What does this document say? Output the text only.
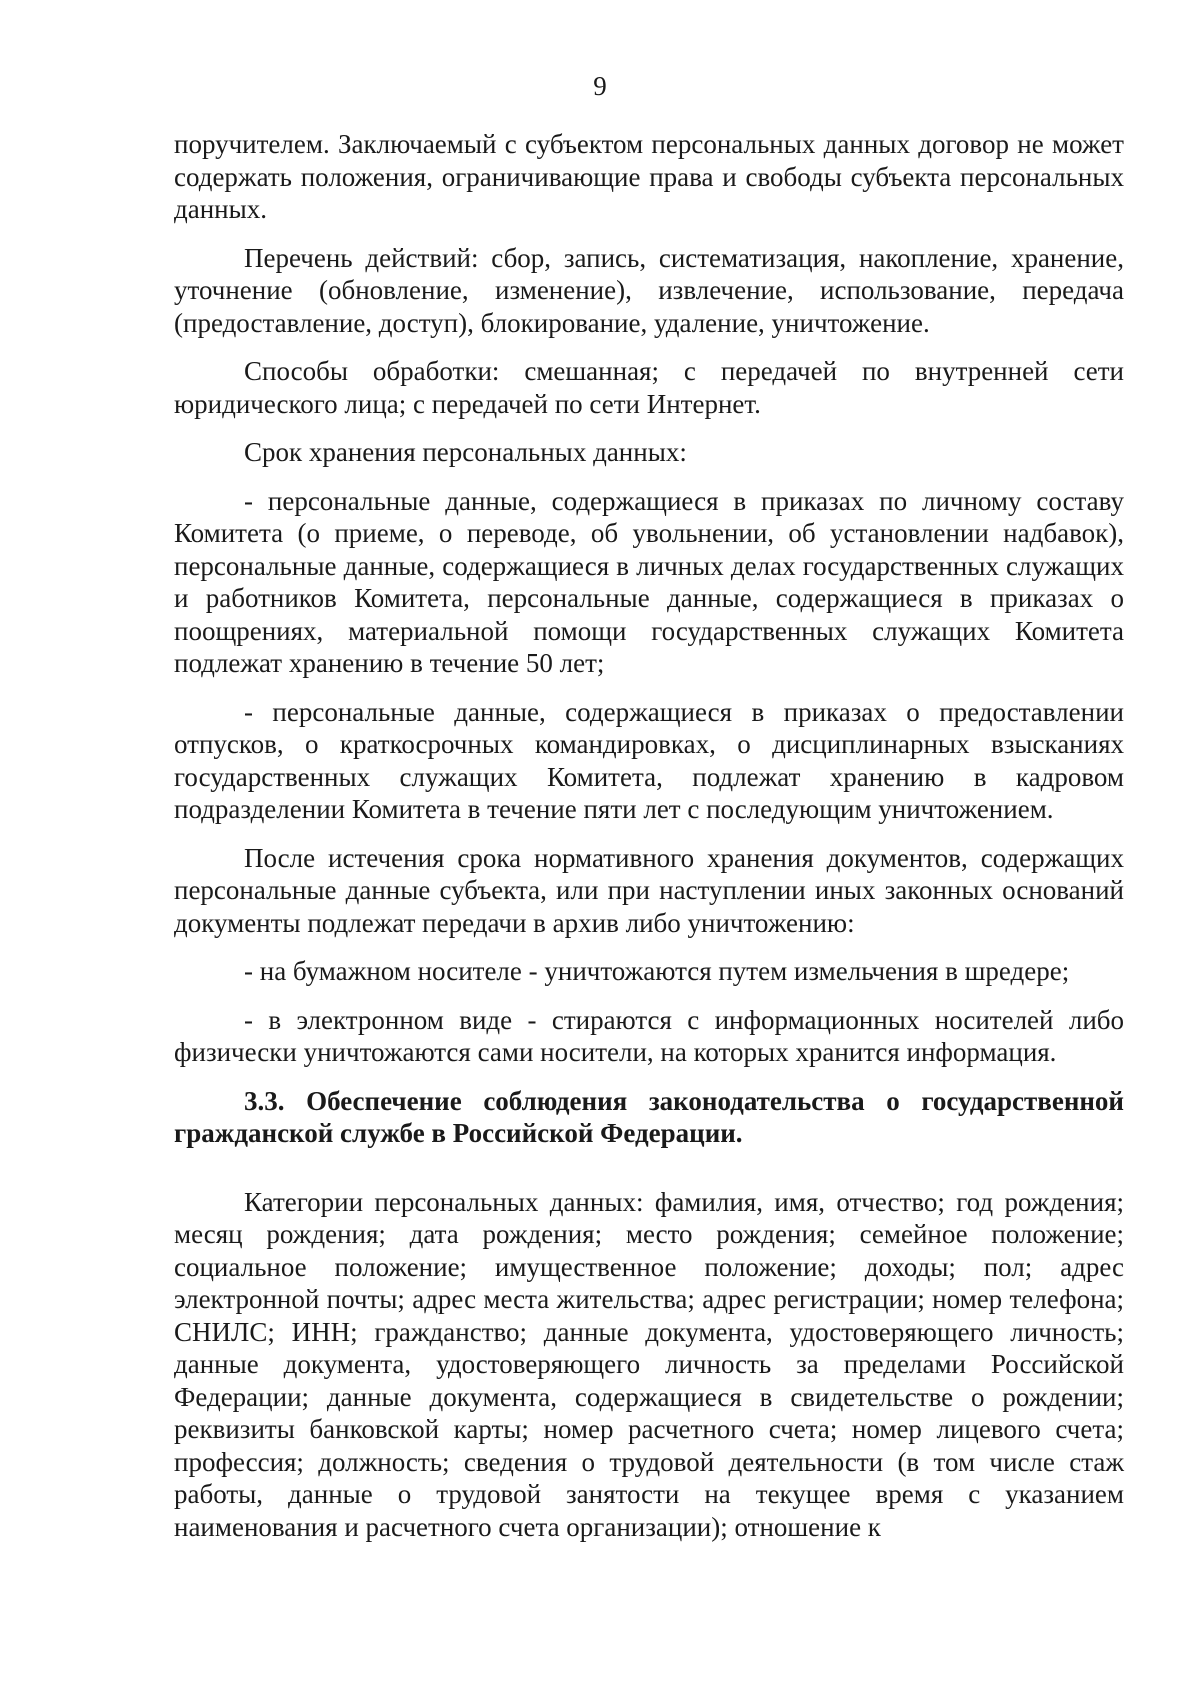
9

поручителем. Заключаемый с субъектом персональных данных договор не может содержать положения, ограничивающие права и свободы субъекта персональных данных.

Перечень действий: сбор, запись, систематизация, накопление, хранение, уточнение (обновление, изменение), извлечение, использование, передача (предоставление, доступ), блокирование, удаление, уничтожение.

Способы обработки: смешанная; с передачей по внутренней сети юридического лица; с передачей по сети Интернет.

Срок хранения персональных данных:

- персональные данные, содержащиеся в приказах по личному составу Комитета (о приеме, о переводе, об увольнении, об установлении надбавок), персональные данные, содержащиеся в личных делах государственных служащих и работников Комитета, персональные данные, содержащиеся в приказах о поощрениях, материальной помощи государственных служащих Комитета подлежат хранению в течение 50 лет;

- персональные данные, содержащиеся в приказах о предоставлении отпусков, о краткосрочных командировках, о дисциплинарных взысканиях государственных служащих Комитета, подлежат хранению в кадровом подразделении Комитета в течение пяти лет с последующим уничтожением.

После истечения срока нормативного хранения документов, содержащих персональные данные субъекта, или при наступлении иных законных оснований документы подлежат передачи в архив либо уничтожению:

- на бумажном носителе - уничтожаются путем измельчения в шредере;

- в электронном виде - стираются с информационных носителей либо физически уничтожаются сами носители, на которых хранится информация.

3.3. Обеспечение соблюдения законодательства о государственной гражданской службе в Российской Федерации.

Категории персональных данных: фамилия, имя, отчество; год рождения; месяц рождения; дата рождения; место рождения; семейное положение; социальное положение; имущественное положение; доходы; пол; адрес электронной почты; адрес места жительства; адрес регистрации; номер телефона; СНИЛС; ИНН; гражданство; данные документа, удостоверяющего личность; данные документа, удостоверяющего личность за пределами Российской Федерации; данные документа, содержащиеся в свидетельстве о рождении; реквизиты банковской карты; номер расчетного счета; номер лицевого счета; профессия; должность; сведения о трудовой деятельности (в том числе стаж работы, данные о трудовой занятости на текущее время с указанием наименования и расчетного счета организации); отношение к
